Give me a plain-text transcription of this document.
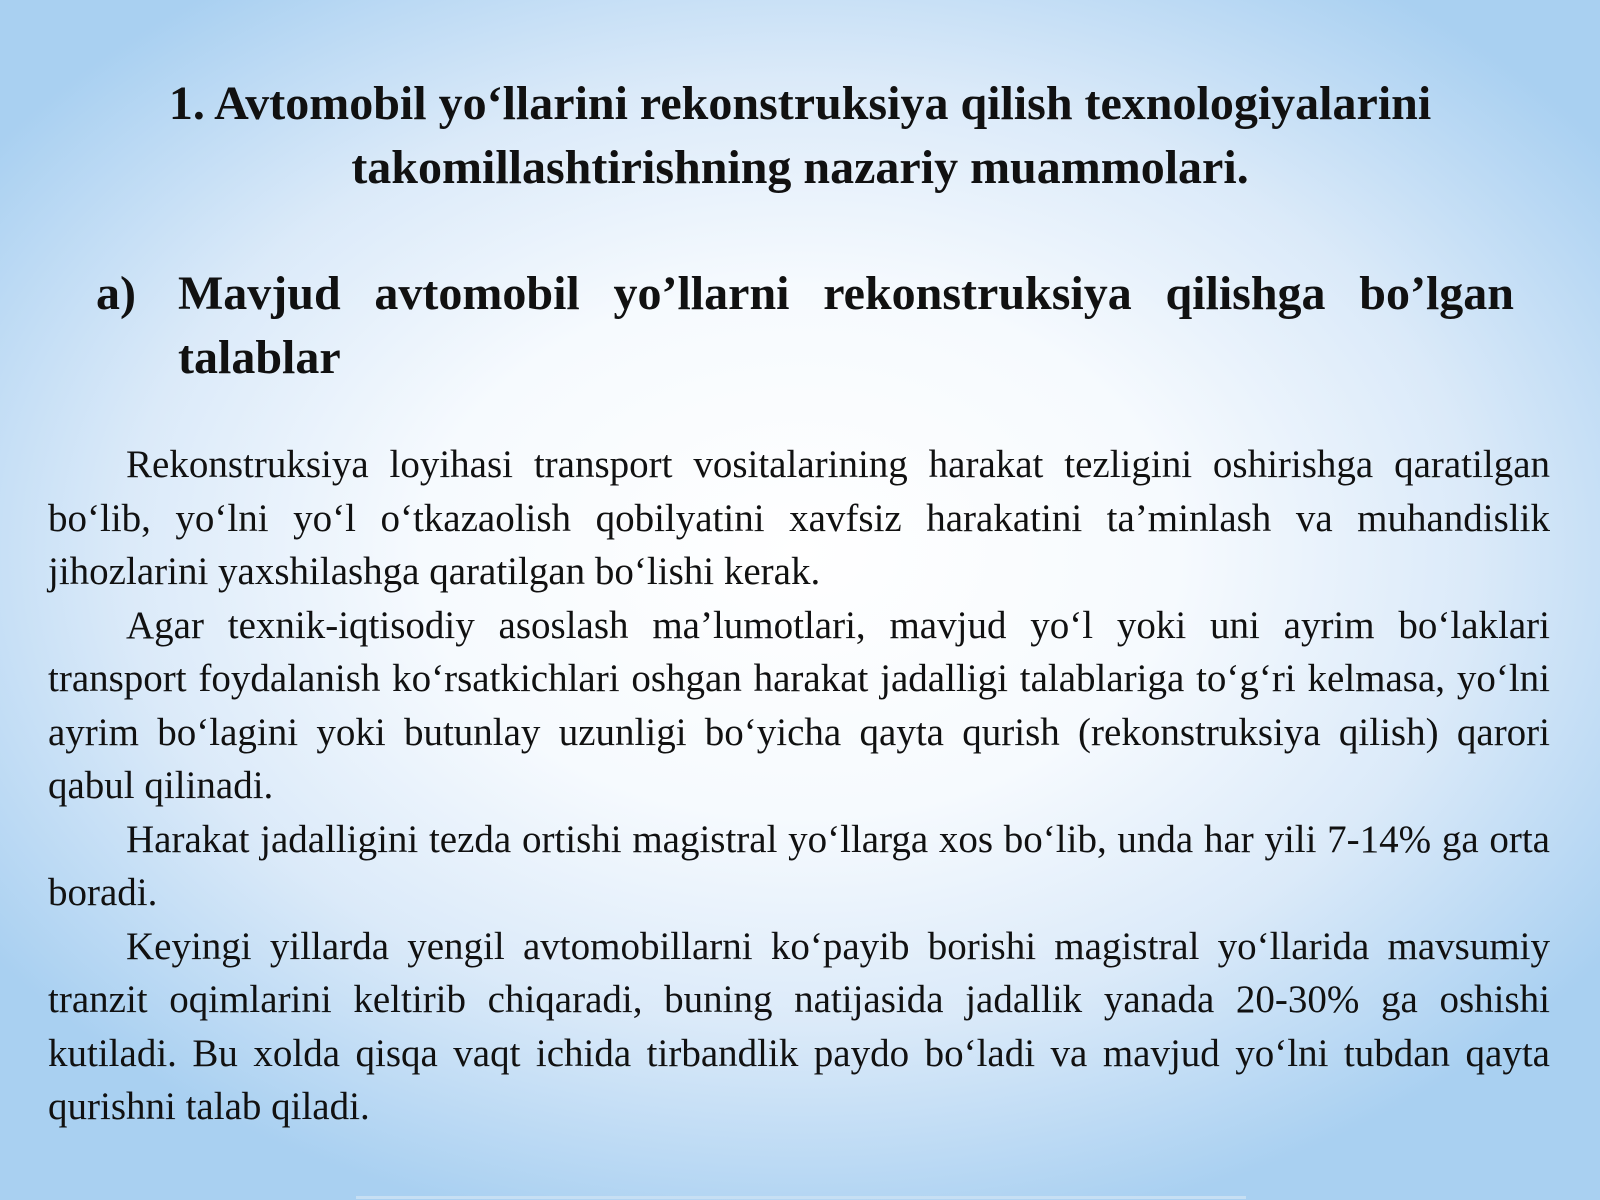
1. Avtomobil yo‘llarini rekonstruksiya qilish texnologiyalarini takomillashtirishning nazariy muammolari.
a) Mavjud avtomobil yo’llarni rekonstruksiya qilishga bo’lgan talablar

Rekonstruksiya loyihasi transport vositalarining harakat tezligini oshirishga qaratilgan bo‘lib, yo‘lni yo‘l o‘tkazaolish qobilyatini xavfsiz harakatini ta’minlash va muhandislik jihozlarini yaxshilashga qaratilgan bo‘lishi kerak.

Agar texnik-iqtisodiy asoslash ma’lumotlari, mavjud yo‘l yoki uni ayrim bo‘laklari transport foydalanish ko‘rsatkichlari oshgan harakat jadalligi talablariga to‘g‘ri kelmasa, yo‘lni ayrim bo‘lagini yoki butunlay uzunligi bo‘yicha qayta qurish (rekonstruksiya qilish) qarori qabul qilinadi.

Harakat jadalligini tezda ortishi magistral yo‘llarga xos bo‘lib, unda har yili 7-14% ga orta boradi.

Keyingi yillarda yengil avtomobillarni ko‘payib borishi magistral yo‘llarida mavsumiy tranzit oqimlarini keltirib chiqaradi, buning natijasida jadallik yanada 20-30% ga oshishi kutiladi. Bu xolda qisqa vaqt ichida tirbandlik paydo bo‘ladi va mavjud yo‘lni tubdan qayta qurishni talab qiladi.
